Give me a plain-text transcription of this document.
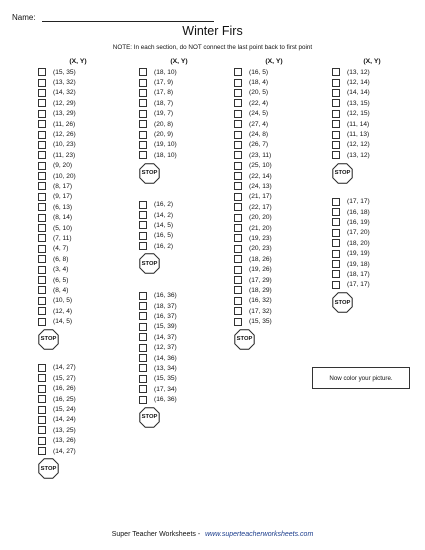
Name:
Winter Firs
NOTE: In each section, do NOT connect the last point back to first point
(X, Y)
(15, 35)
(13, 32)
(14, 32)
(12, 29)
(13, 29)
(11, 26)
(12, 26)
(10, 23)
(11, 23)
(9, 20)
(10, 20)
(8, 17)
(9, 17)
(6, 13)
(8, 14)
(5, 10)
(7, 11)
(4, 7)
(6, 8)
(3, 4)
(6, 5)
(8, 4)
(10, 5)
(12, 4)
(14, 5)
STOP
(14, 27)
(15, 27)
(16, 26)
(16, 25)
(15, 24)
(14, 24)
(13, 25)
(13, 26)
(14, 27)
STOP
(X, Y)
(18, 10)
(17, 9)
(17, 8)
(18, 7)
(19, 7)
(20, 8)
(20, 9)
(19, 10)
(18, 10)
STOP
(16, 2)
(14, 2)
(14, 5)
(16, 5)
(16, 2)
STOP
(16, 36)
(18, 37)
(16, 37)
(15, 39)
(14, 37)
(12, 37)
(14, 36)
(13, 34)
(15, 35)
(17, 34)
(16, 36)
STOP
(X, Y)
(16, 5)
(18, 4)
(20, 5)
(22, 4)
(24, 5)
(27, 4)
(24, 8)
(26, 7)
(23, 11)
(25, 10)
(22, 14)
(24, 13)
(21, 17)
(22, 17)
(20, 20)
(21, 20)
(19, 23)
(20, 23)
(18, 26)
(19, 26)
(17, 29)
(18, 29)
(16, 32)
(17, 32)
(15, 35)
STOP
(X, Y)
(13, 12)
(12, 14)
(14, 14)
(13, 15)
(12, 15)
(11, 14)
(11, 13)
(12, 12)
(13, 12)
STOP
(17, 17)
(16, 18)
(16, 19)
(17, 20)
(18, 20)
(19, 19)
(19, 18)
(18, 17)
(17, 17)
STOP
Now color your picture.
Super Teacher Worksheets - www.superteacherworksheets.com
